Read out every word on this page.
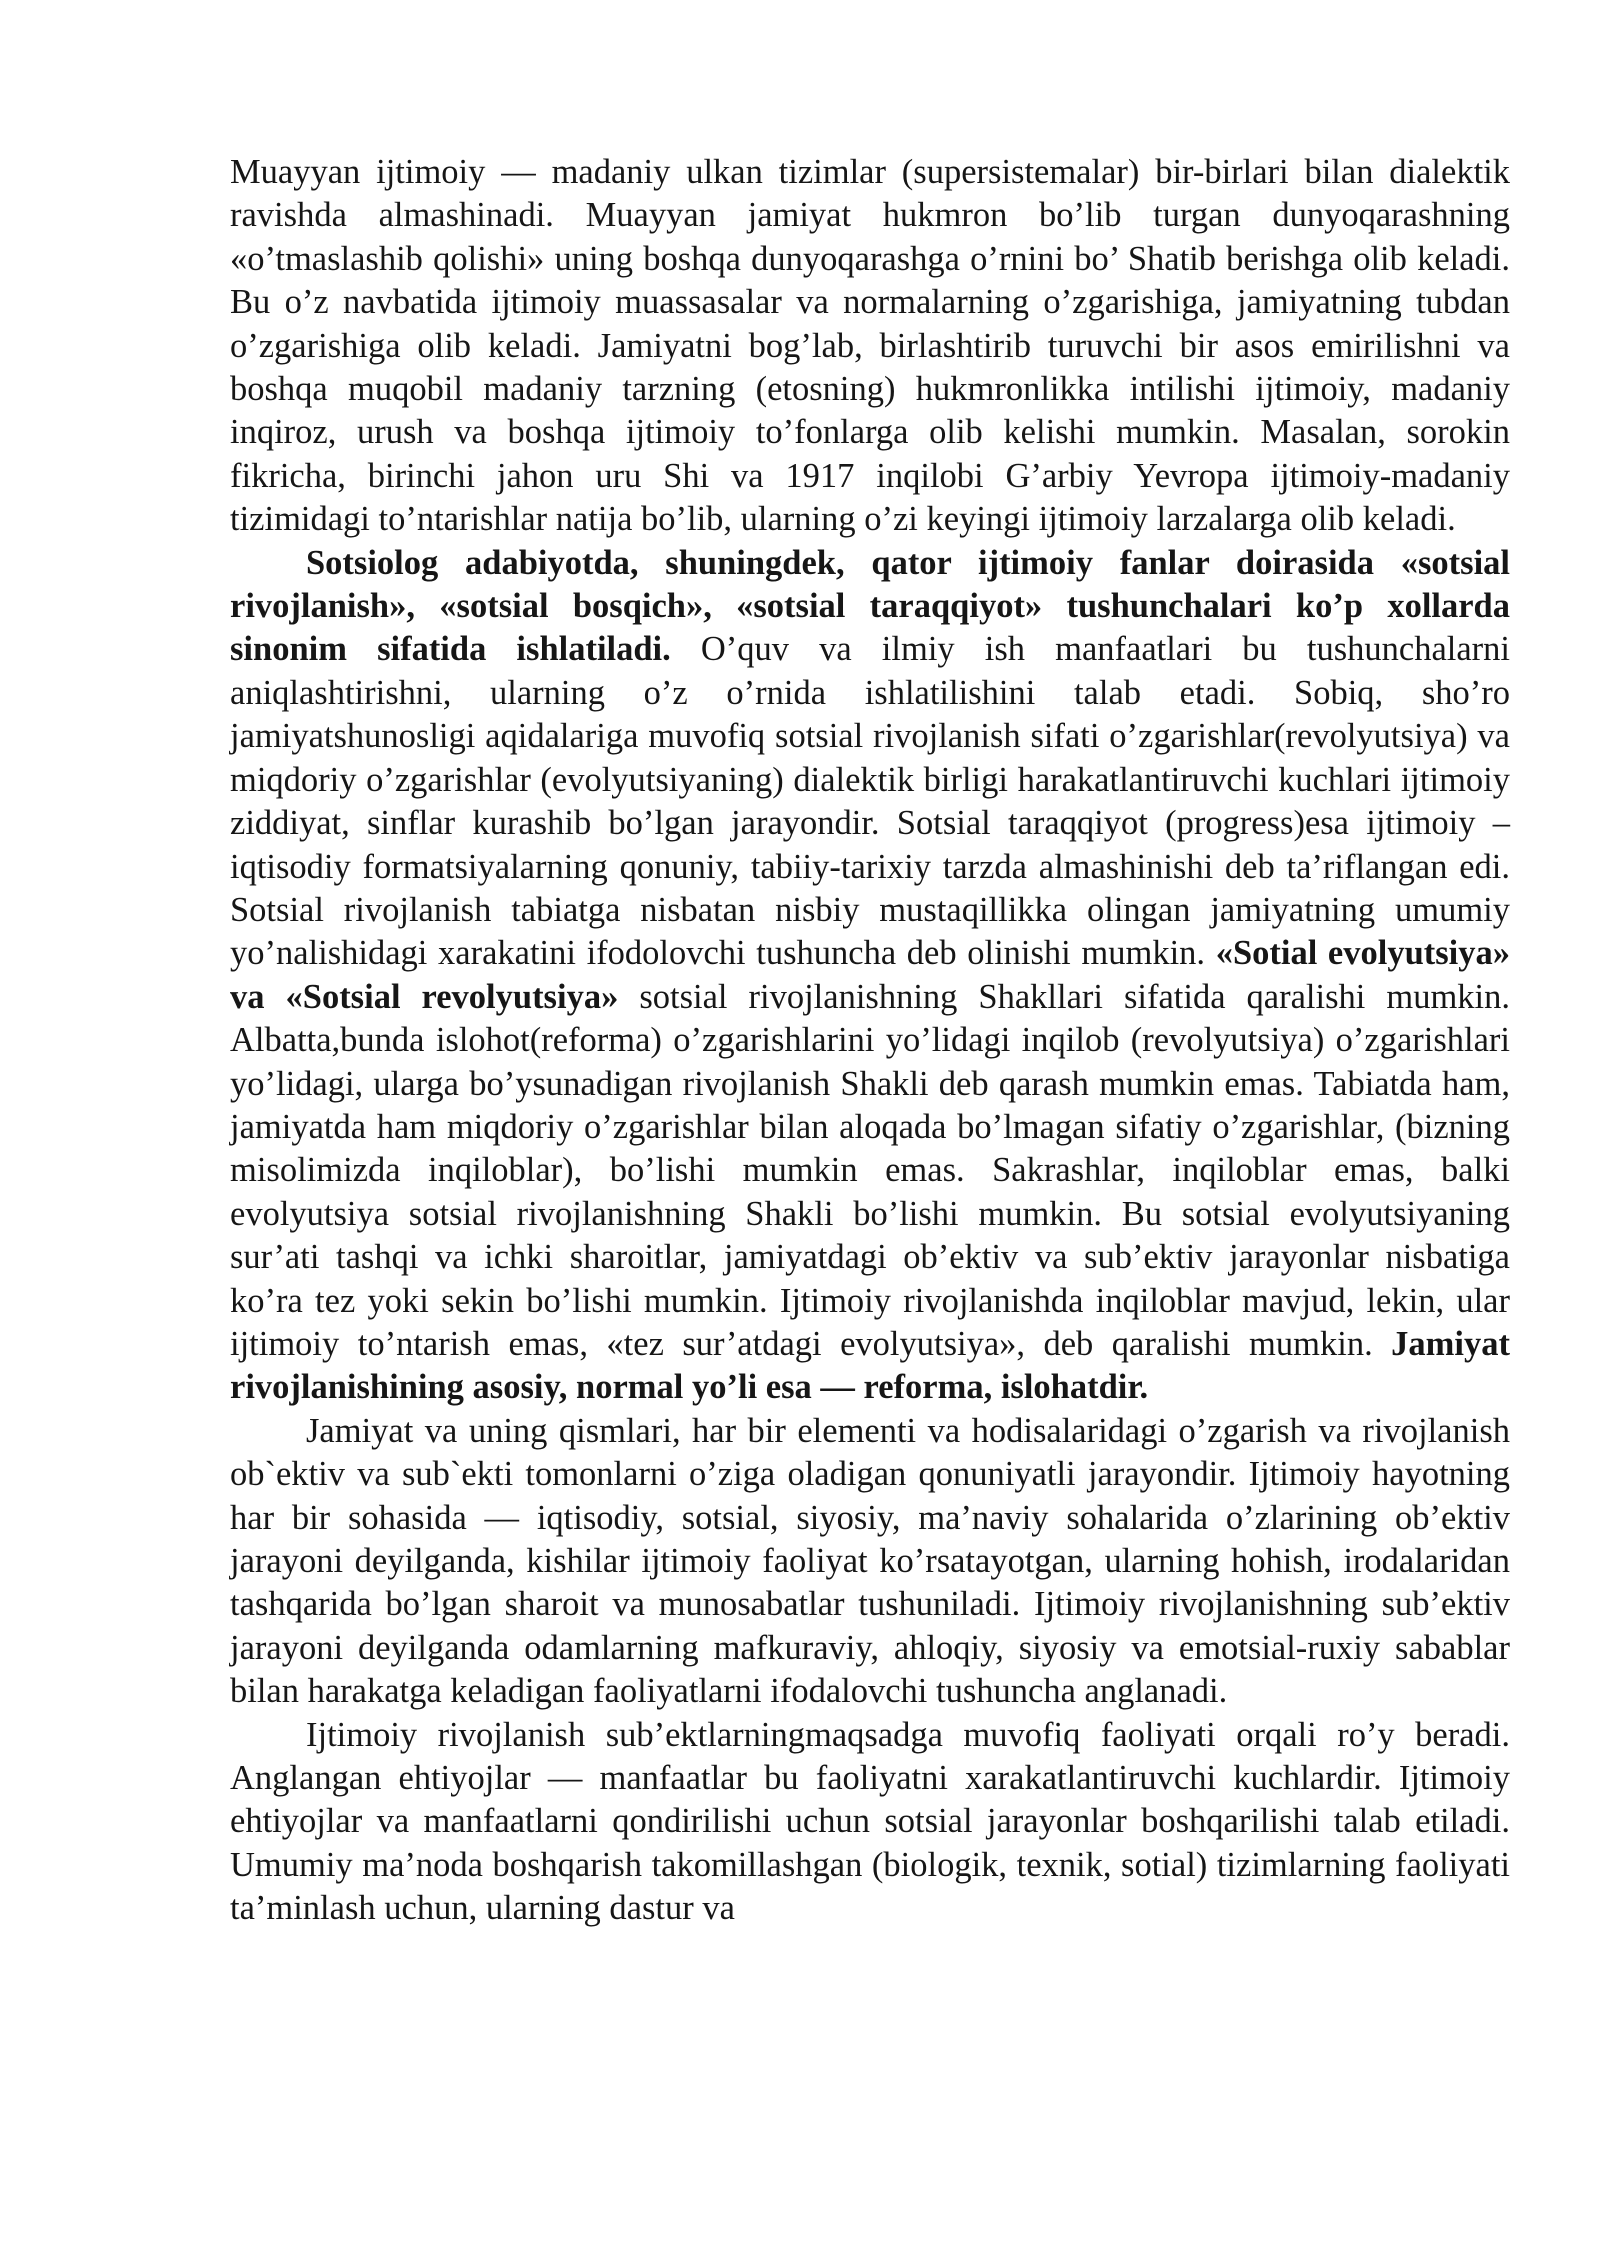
Muayyan ijtimoiy — madaniy ulkan tizimlar (supersistemalar) bir-birlari bilan dialektik ravishda almashinadi. Muayyan jamiyat hukmron bo’lib turgan dunyoqarashning «o’tmaslashib qolishi» uning boshqa dunyoqarashga o’rnini bo’ Shatib berishga olib keladi. Bu o’z navbatida ijtimoiy muassasalar va normalarning o’zgarishiga, jamiyatning tubdan o’zgarishiga olib keladi. Jamiyatni bog’lab, birlashtirib turuvchi bir asos emirilishni va boshqa muqobil madaniy tarzning (etosning) hukmronlikka intilishi ijtimoiy, madaniy inqiroz, urush va boshqa ijtimoiy to’fonlarga olib kelishi mumkin. Masalan, sorokin fikricha, birinchi jahon uru Shi va 1917 inqilobi G’arbiy Yevropa ijtimoiy-madaniy tizimidagi to’ntarishlar natija bo’lib, ularning o’zi keyingi ijtimoiy larzalarga olib keladi.

Sotsiolog adabiyotda, shuningdek, qator ijtimoiy fanlar doirasida «sotsial rivojlanish», «sotsial bosqich», «sotsial taraqqiyot» tushunchalari ko’p xollarda sinonim sifatida ishlatiladi. O’quv va ilmiy ish manfaatlari bu tushunchalarni aniqlashtirishni, ularning o’z o’rnida ishlatilishini talab etadi. Sobiq, sho’ro jamiyatshunosligi aqidalariga muvofiq sotsial rivojlanish sifati o’zgarishlar(revolyutsiya) va miqdoriy o’zgarishlar (evolyutsiyaning) dialektik birligi harakatlantiruvchi kuchlari ijtimoiy ziddiyat, sinflar kurashib bo’lgan jarayondir. Sotsial taraqqiyot (progress)esa ijtimoiy – iqtisodiy formatsiyalarning qonuniy, tabiiy-tarixiy tarzda almashinishi deb ta’riflangan edi. Sotsial rivojlanish tabiatga nisbatan nisbiy mustaqillikka olingan jamiyatning umumiy yo’nalishidagi xarakatini ifodolovchi tushuncha deb olinishi mumkin. «Sotial evolyutsiya» va «Sotsial revolyutsiya» sotsial rivojlanishning Shakllari sifatida qaralishi mumkin. Albatta,bunda islohot(reforma) o’zgarishlarini yo’lidagi inqilob (revolyutsiya) o’zgarishlari yo’lidagi, ularga bo’ysunadigan rivojlanish Shakli deb qarash mumkin emas. Tabiatda ham, jamiyatda ham miqdoriy o’zgarishlar bilan aloqada bo’lmagan sifatiy o’zgarishlar, (bizning misolimizda inqiloblar), bo’lishi mumkin emas. Sakrashlar, inqiloblar emas, balki evolyutsiya sotsial rivojlanishning Shakli bo’lishi mumkin. Bu sotsial evolyutsiyaning sur’ati tashqi va ichki sharoitlar, jamiyatdagi ob’ektiv va sub’ektiv jarayonlar nisbatiga ko’ra tez yoki sekin bo’lishi mumkin. Ijtimoiy rivojlanishda inqiloblar mavjud, lekin, ular ijtimoiy to’ntarish emas, «tez sur’atdagi evolyutsiya», deb qaralishi mumkin. Jamiyat rivojlanishining asosiy, normal yo’li esa — reforma, islohatdir.

Jamiyat va uning qismlari, har bir elementi va hodisalaridagi o’zgarish va rivojlanish ob`ektiv va sub`ekti tomonlarni o’ziga oladigan qonuniyatli jarayondir. Ijtimoiy hayotning har bir sohasida — iqtisodiy, sotsial, siyosiy, ma’naviy sohalarida o’zlarining ob’ektiv jarayoni deyilganda, kishilar ijtimoiy faoliyat ko’rsatayotgan, ularning hohish, irodalaridan tashqarida bo’lgan sharoit va munosabatlar tushuniladi. Ijtimoiy rivojlanishning sub’ektiv jarayoni deyilganda odamlarning mafkuraviy, ahloqiy, siyosiy va emotsial-ruxiy sabablar bilan harakatga keladigan faoliyatlarni ifodalovchi tushuncha anglanadi.

Ijtimoiy rivojlanish sub’ektlarningmaqsadga muvofiq faoliyati orqali ro’y beradi. Anglangan ehtiyojlar — manfaatlar bu faoliyatni xarakatlantiruvchi kuchlardir. Ijtimoiy ehtiyojlar va manfaatlarni qondirilishi uchun sotsial jarayonlar boshqarilishi talab etiladi. Umumiy ma’noda boshqarish takomillashgan (biologik, texnik, sotial) tizimlarning faoliyati ta’minlash uchun, ularning dastur va
